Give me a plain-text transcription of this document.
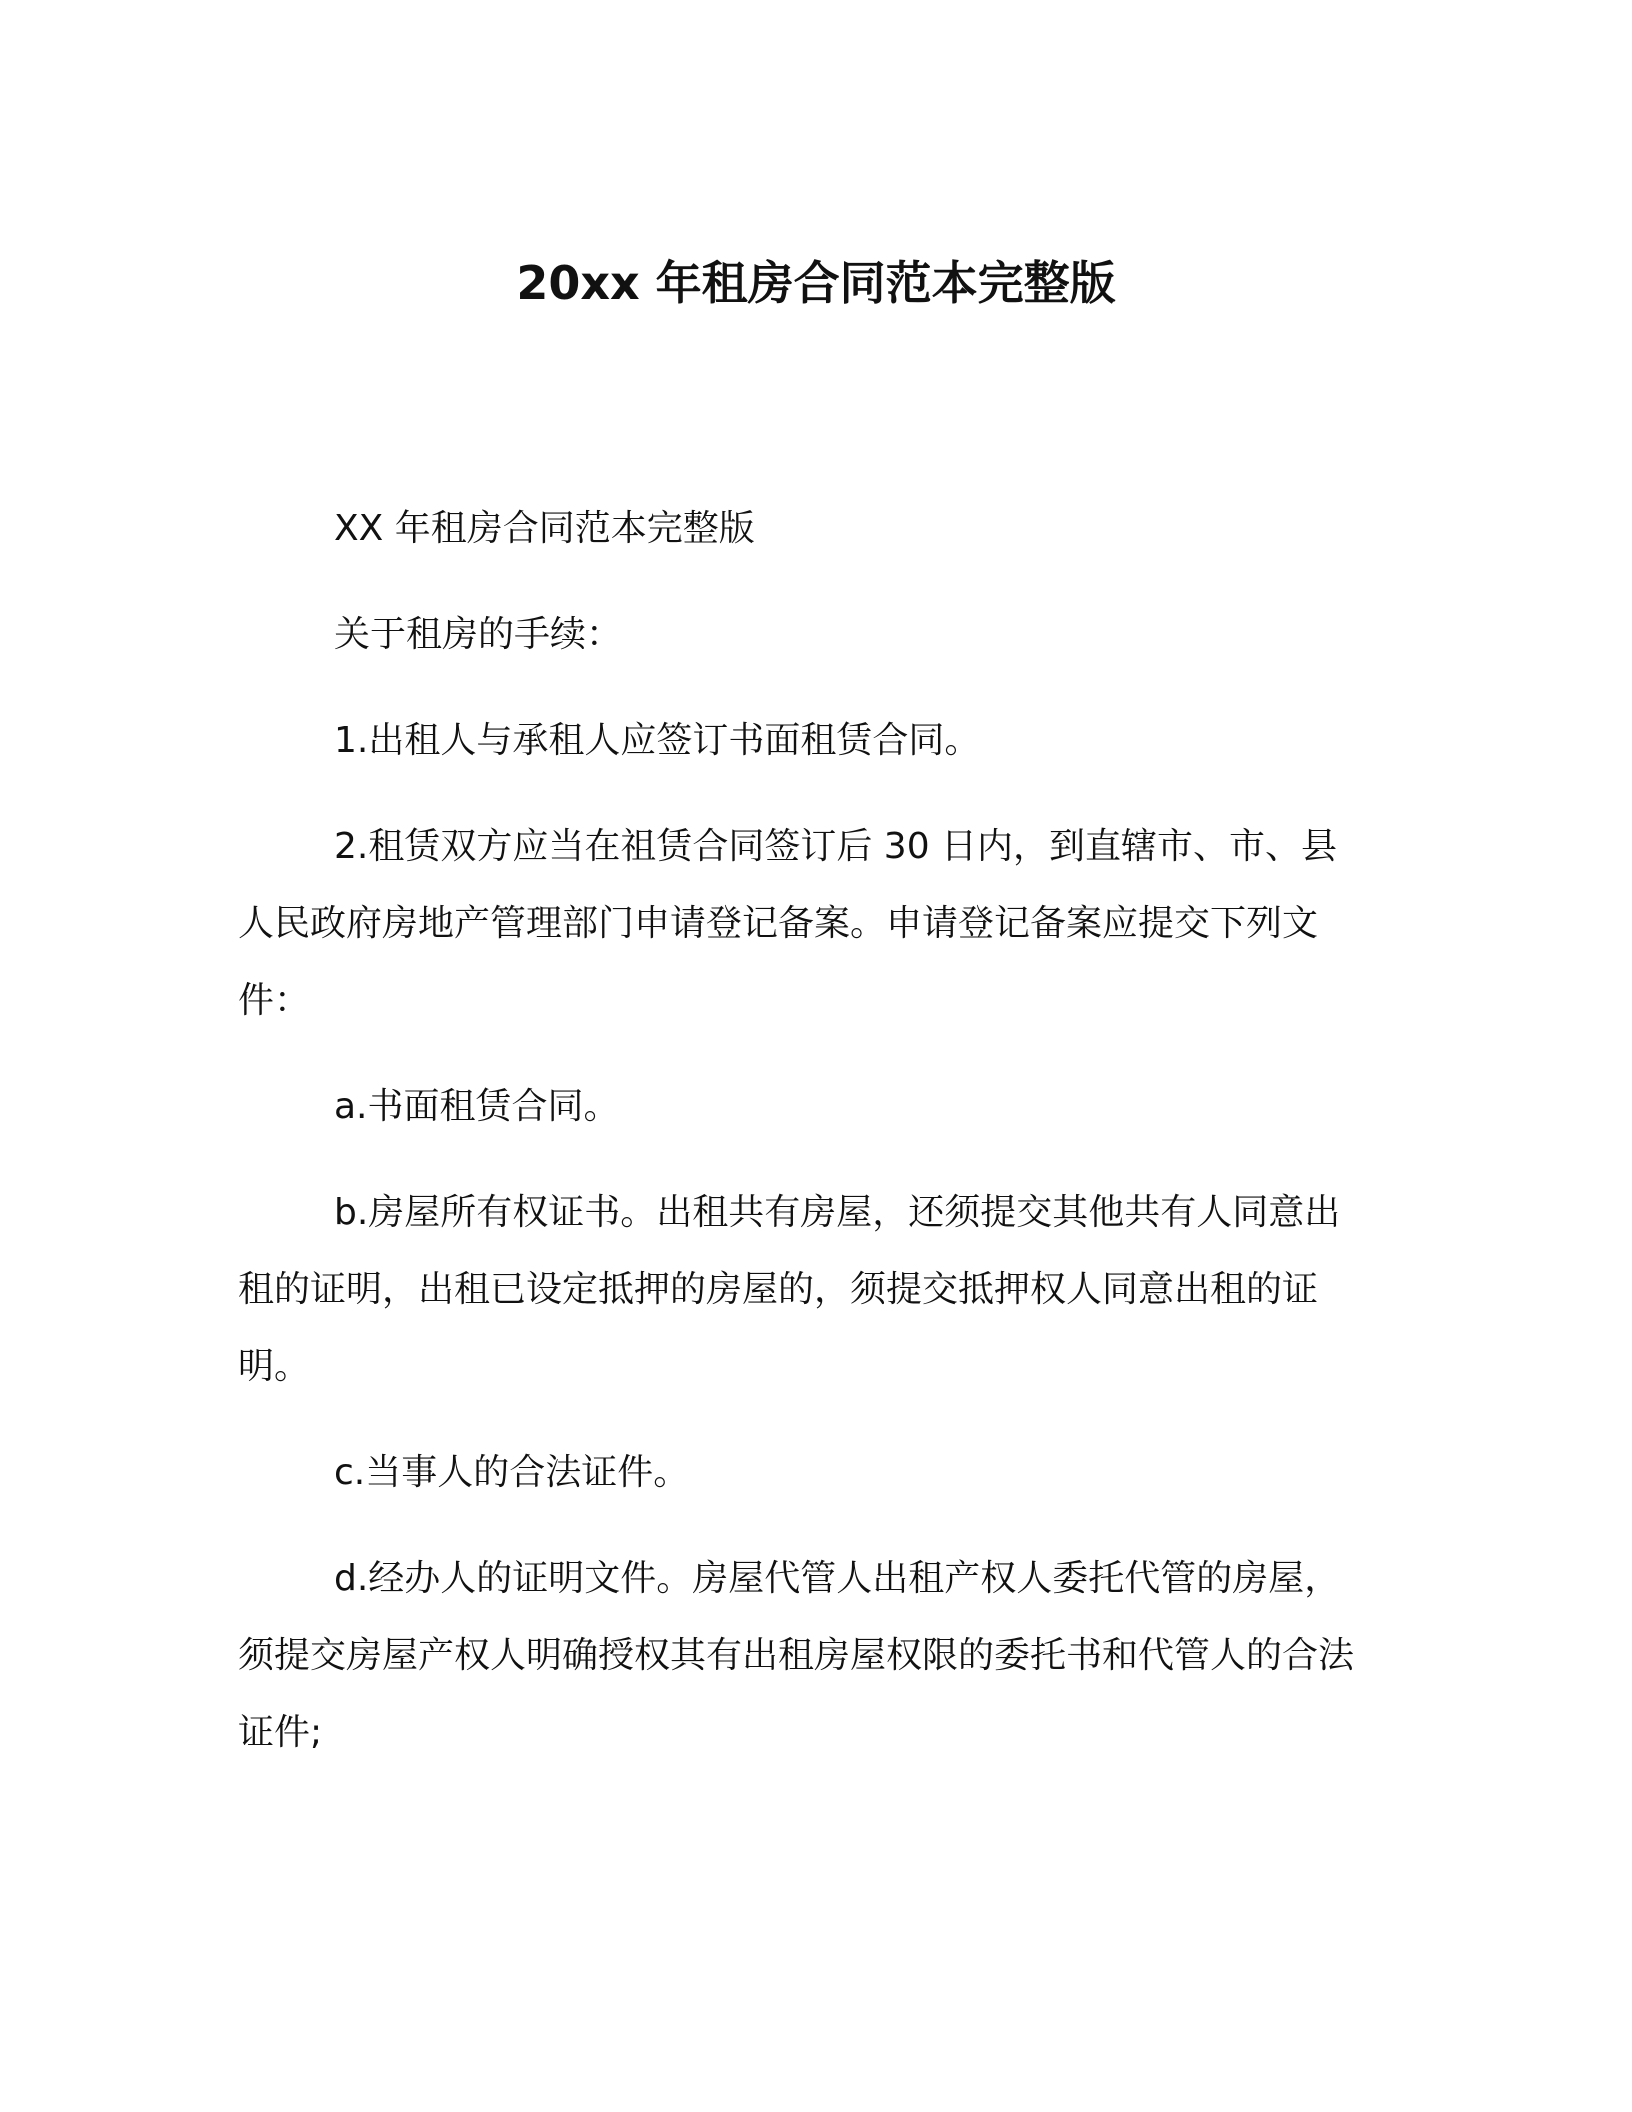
20xx 年租房合同范本完整版

XX 年租房合同范本完整版

关于租房的手续：

1.出租人与承租人应签订书面租赁合同。

2.租赁双方应当在祖赁合同签订后 30 日内，到直辖市、市、县人民政府房地产管理部门申请登记备案。申请登记备案应提交下列文件：

a.书面租赁合同。

b.房屋所有权证书。出租共有房屋，还须提交其他共有人同意出租的证明，出租已设定抵押的房屋的，须提交抵押权人同意出租的证明。

c.当事人的合法证件。

d.经办人的证明文件。房屋代管人出租产权人委托代管的房屋，须提交房屋产权人明确授权其有出租房屋权限的委托书和代管人的合法证件;
